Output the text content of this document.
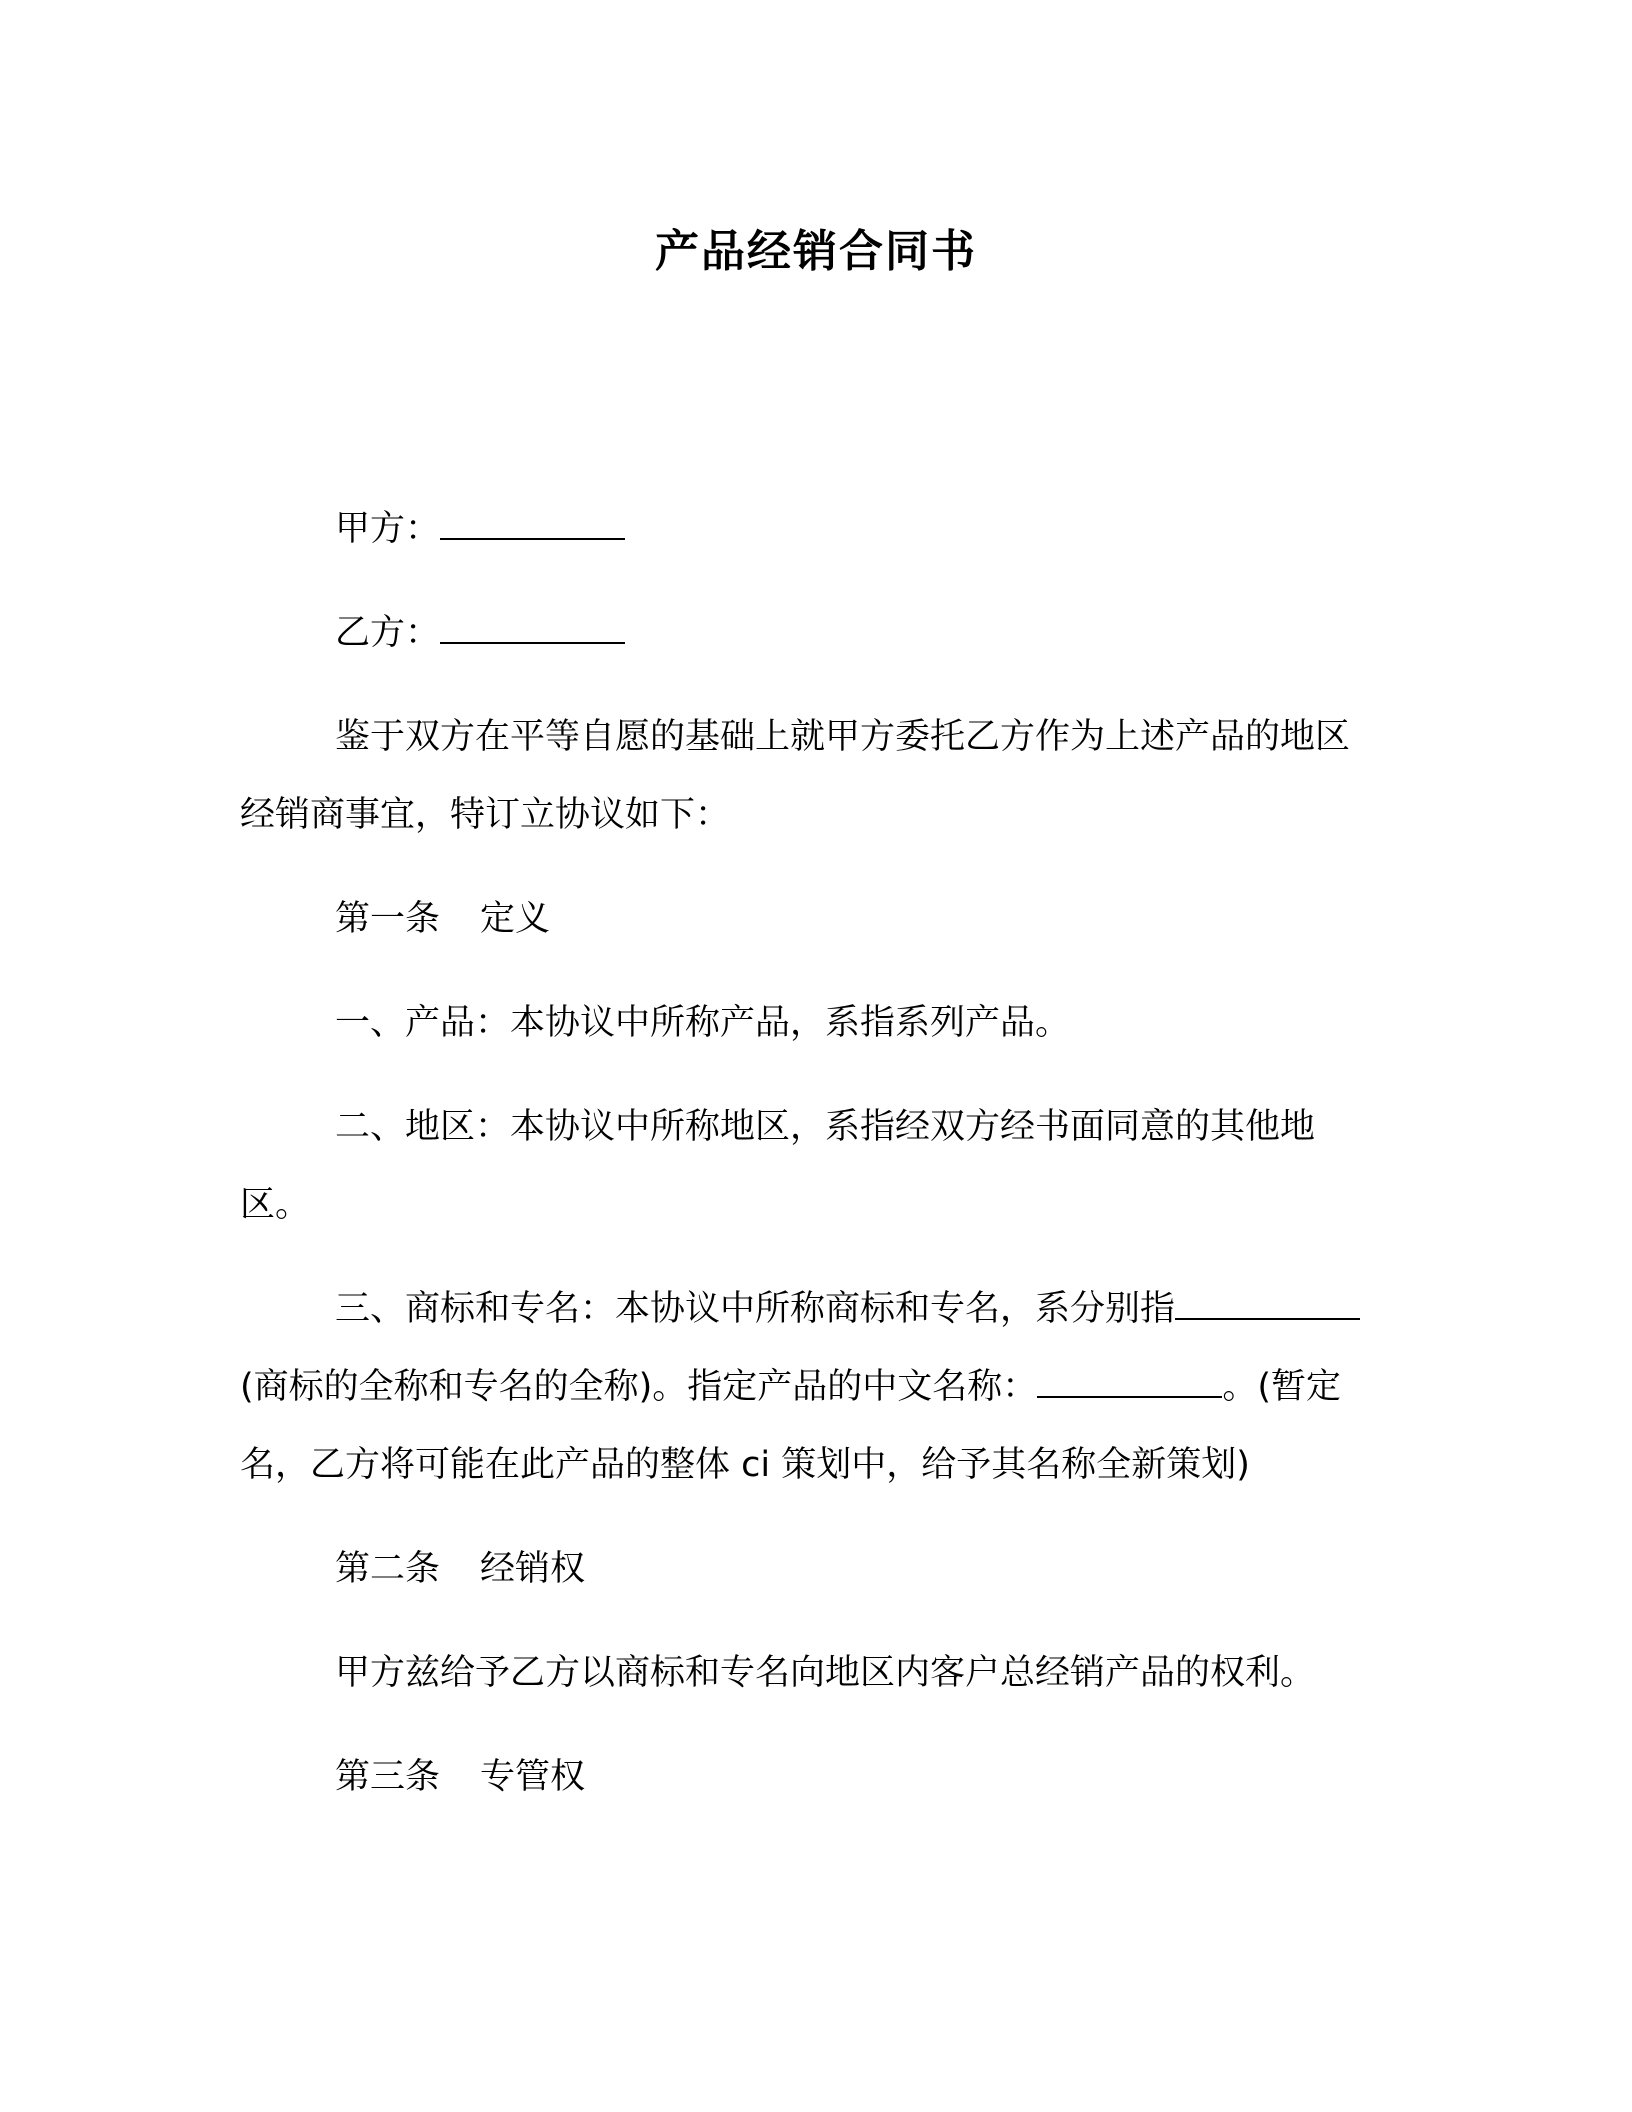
产品经销合同书

甲方：

乙方：

鉴于双方在平等自愿的基础上就甲方委托乙方作为上述产品的地区经销商事宜，特订立协议如下：

第一条 定义

一、产品：本协议中所称产品，系指系列产品。

二、地区：本协议中所称地区，系指经双方经书面同意的其他地区。

三、商标和专名：本协议中所称商标和专名，系分别指(商标的全称和专名的全称)。指定产品的中文名称：	。(暂定名，乙方将可能在此产品的整体 ci 策划中，给予其名称全新策划)

第二条 经销权

甲方兹给予乙方以商标和专名向地区内客户总经销产品的权利。

第三条 专管权
